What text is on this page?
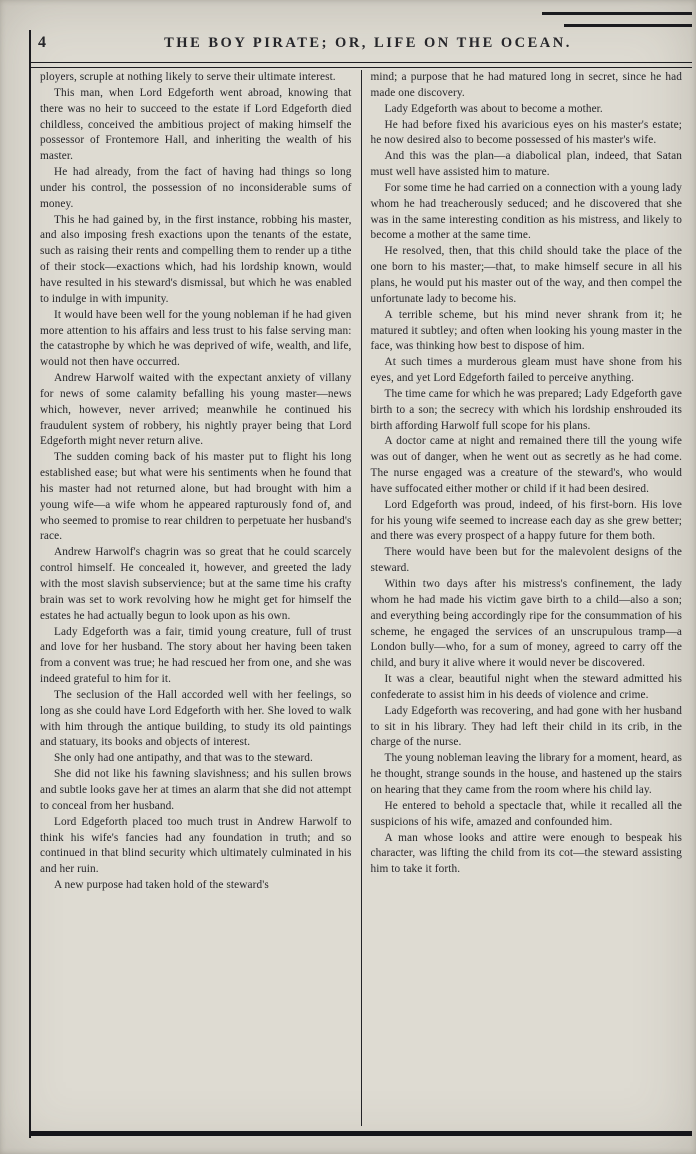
4	THE BOY PIRATE; OR, LIFE ON THE OCEAN.

ployers, scruple at nothing likely to serve their ultimate interest.

This man, when Lord Edgeforth went abroad, knowing that there was no heir to succeed to the estate if Lord Edgeforth died childless, conceived the ambitious project of making himself the possessor of Frontemore Hall, and inheriting the wealth of his master.

He had already, from the fact of having had things so long under his control, the possession of no inconsiderable sums of money.

This he had gained by, in the first instance, robbing his master, and also imposing fresh exactions upon the tenants of the estate, such as raising their rents and compelling them to render up a tithe of their stock—exactions which, had his lordship known, would have resulted in his steward's dismissal, but which he was enabled to indulge in with impunity.

It would have been well for the young nobleman if he had given more attention to his affairs and less trust to his false serving man: the catastrophe by which he was deprived of wife, wealth, and life, would not then have occurred.

Andrew Harwolf waited with the expectant anxiety of villany for news of some calamity befalling his young master—news which, however, never arrived; meanwhile he continued his fraudulent system of robbery, his nightly prayer being that Lord Edgeforth might never return alive.

The sudden coming back of his master put to flight his long established ease; but what were his sentiments when he found that his master had not returned alone, but had brought with him a young wife—a wife whom he appeared rapturously fond of, and who seemed to promise to rear children to perpetuate her husband's race.

Andrew Harwolf's chagrin was so great that he could scarcely control himself. He concealed it, however, and greeted the lady with the most slavish subservience; but at the same time his crafty brain was set to work revolving how he might get for himself the estates he had actually begun to look upon as his own.

Lady Edgeforth was a fair, timid young creature, full of trust and love for her husband. The story about her having been taken from a convent was true; he had rescued her from one, and she was indeed grateful to him for it.

The seclusion of the Hall accorded well with her feelings, so long as she could have Lord Edgeforth with her. She loved to walk with him through the antique building, to study its old paintings and statuary, its books and objects of interest.

She only had one antipathy, and that was to the steward.

She did not like his fawning slavishness; and his sullen brows and subtle looks gave her at times an alarm that she did not attempt to conceal from her husband.

Lord Edgeforth placed too much trust in Andrew Harwolf to think his wife's fancies had any foundation in truth; and so continued in that blind security which ultimately culminated in his and her ruin.

A new purpose had taken hold of the steward's

mind; a purpose that he had matured long in secret, since he had made one discovery.

Lady Edgeforth was about to become a mother.

He had before fixed his avaricious eyes on his master's estate; he now desired also to become possessed of his master's wife.

And this was the plan—a diabolical plan, indeed, that Satan must well have assisted him to mature.

For some time he had carried on a connection with a young lady whom he had treacherously seduced; and he discovered that she was in the same interesting condition as his mistress, and likely to become a mother at the same time.

He resolved, then, that this child should take the place of the one born to his master;—that, to make himself secure in all his plans, he would put his master out of the way, and then compel the unfortunate lady to become his.

A terrible scheme, but his mind never shrank from it; he matured it subtley; and often when looking his young master in the face, was thinking how best to dispose of him.

At such times a murderous gleam must have shone from his eyes, and yet Lord Edgeforth failed to perceive anything.

The time came for which he was prepared; Lady Edgeforth gave birth to a son; the secrecy with which his lordship enshrouded its birth affording Harwolf full scope for his plans.

A doctor came at night and remained there till the young wife was out of danger, when he went out as secretly as he had come. The nurse engaged was a creature of the steward's, who would have suffocated either mother or child if it had been desired.

Lord Edgeforth was proud, indeed, of his first-born. His love for his young wife seemed to increase each day as she grew better; and there was every prospect of a happy future for them both.

There would have been but for the malevolent designs of the steward.

Within two days after his mistress's confinement, the lady whom he had made his victim gave birth to a child—also a son; and everything being accordingly ripe for the consummation of his scheme, he engaged the services of an unscrupulous tramp—a London bully—who, for a sum of money, agreed to carry off the child, and bury it alive where it would never be discovered.

It was a clear, beautiful night when the steward admitted his confederate to assist him in his deeds of violence and crime.

Lady Edgeforth was recovering, and had gone with her husband to sit in his library. They had left their child in its crib, in the charge of the nurse.

The young nobleman leaving the library for a moment, heard, as he thought, strange sounds in the house, and hastened up the stairs on hearing that they came from the room where his child lay.

He entered to behold a spectacle that, while it recalled all the suspicions of his wife, amazed and confounded him.

A man whose looks and attire were enough to bespeak his character, was lifting the child from its cot—the steward assisting him to take it forth.
